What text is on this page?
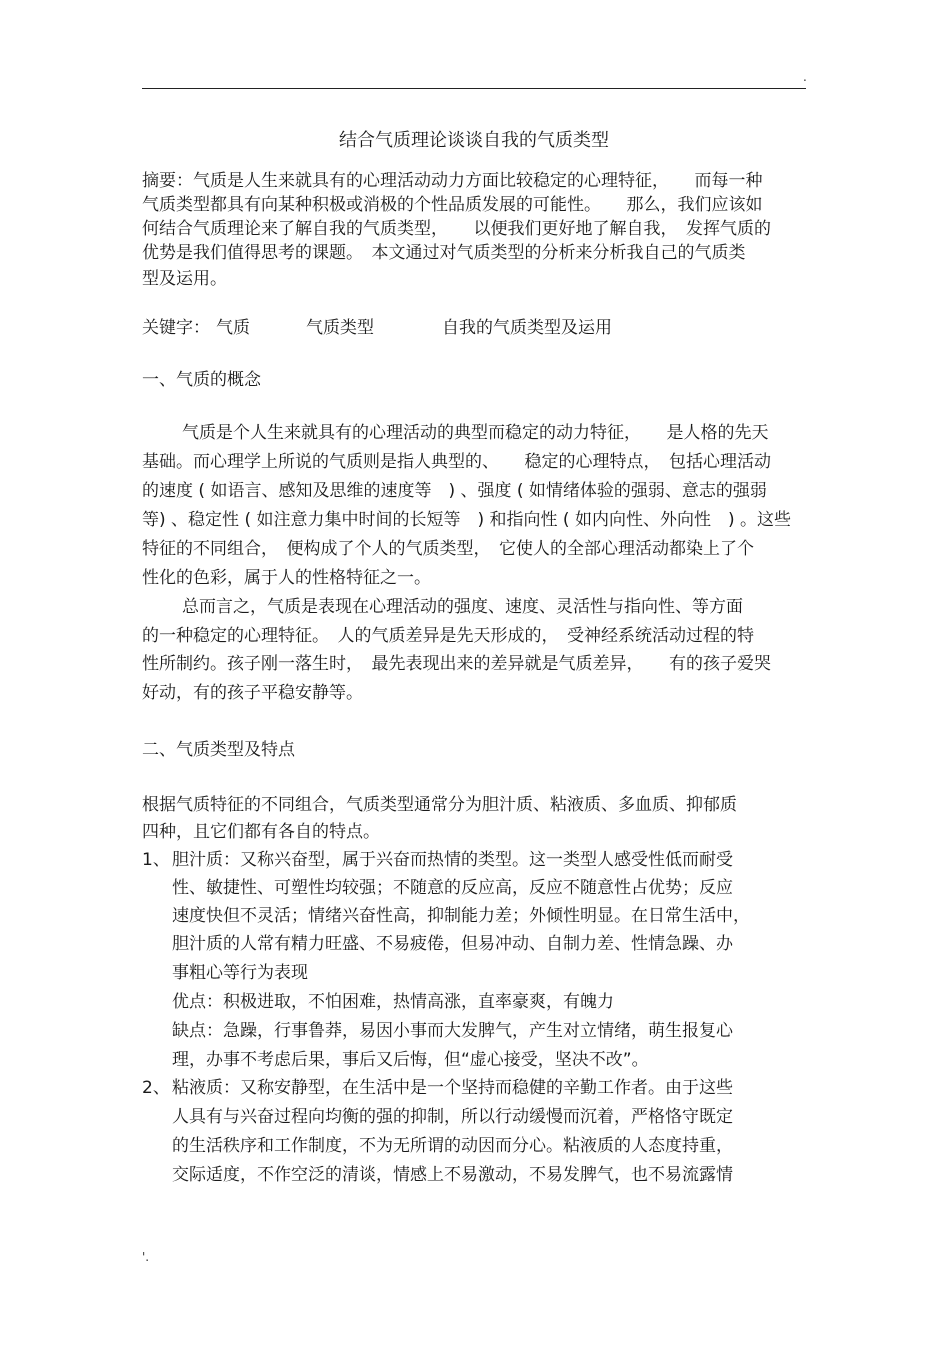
.
结合气质理论谈谈自我的气质类型
摘要：气质是人生来就具有的心理活动动力方面比较稳定的心理特征，　　而每一种
气质类型都具有向某种积极或消极的个性品质发展的可能性。　　那么，我们应该如
何结合气质理论来了解自我的气质类型，　　以便我们更好地了解自我，　发挥气质的
优势是我们值得思考的课题。　本文通过对气质类型的分析来分析我自己的气质类
型及运用。
关键字： 气质	气质类型	自我的气质类型及运用
一、气质的概念
气质是个人生来就具有的心理活动的典型而稳定的动力特征，　　是人格的先天
基础。而心理学上所说的气质则是指人典型的、　　稳定的心理特点，　包括心理活动
的速度 ( 如语言、感知及思维的速度等　) 、强度 ( 如情绪体验的强弱、意志的强弱
等) 、稳定性 ( 如注意力集中时间的长短等　) 和指向性 ( 如内向性、外向性　) 。这些
特征的不同组合，　便构成了个人的气质类型，　它使人的全部心理活动都染上了个
性化的色彩，属于人的性格特征之一。
总而言之，气质是表现在心理活动的强度、速度、灵活性与指向性、等方面
的一种稳定的心理特征。　人的气质差异是先天形成的，　受神经系统活动过程的特
性所制约。孩子刚一落生时，　最先表现出来的差异就是气质差异，　　有的孩子爱哭
好动，有的孩子平稳安静等。
二、气质类型及特点
根据气质特征的不同组合，气质类型通常分为胆汁质、粘液质、多血质、抑郁质
四种，且它们都有各自的特点。
1、 胆汁质：又称兴奋型，属于兴奋而热情的类型。这一类型人感受性低而耐受
性、敏捷性、可塑性均较强；不随意的反应高，反应不随意性占优势；反应
速度快但不灵活；情绪兴奋性高，抑制能力差；外倾性明显。在日常生活中，
胆汁质的人常有精力旺盛、不易疲倦，但易冲动、自制力差、性情急躁、办
事粗心等行为表现
优点：积极进取，不怕困难，热情高涨，直率豪爽，有魄力
缺点：急躁，行事鲁莽，易因小事而大发脾气，产生对立情绪，萌生报复心
理，办事不考虑后果，事后又后悔，但“虚心接受，坚决不改”。
2、 粘液质：又称安静型，在生活中是一个坚持而稳健的辛勤工作者。由于这些
人具有与兴奋过程向均衡的强的抑制，所以行动缓慢而沉着，严格恪守既定
的生活秩序和工作制度，不为无所谓的动因而分心。粘液质的人态度持重，
交际适度，不作空泛的清谈，情感上不易激动，不易发脾气，也不易流露情
'.
